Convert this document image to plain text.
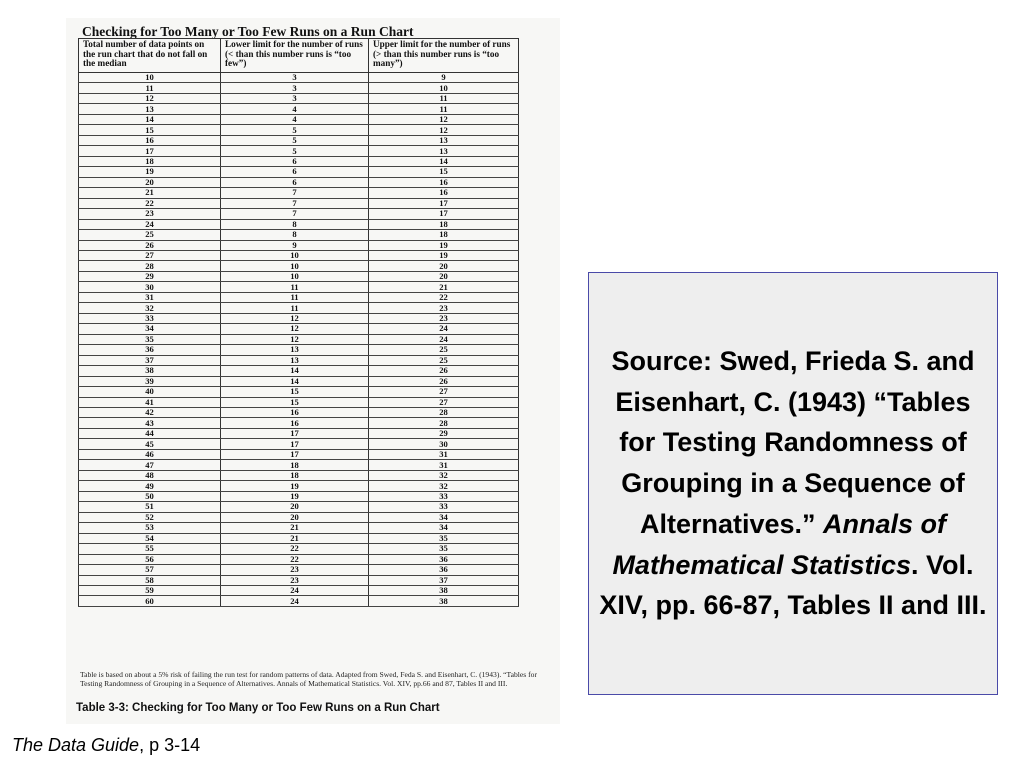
Checking for Too Many or Too Few Runs on a Run Chart
Total number of data points on the run chart that do not fall on the median	Lower limit for the number of runs (< than this number runs is “too few”)	Upper limit for the number of runs (> than this number runs is “too many”)
10	3	9
11	3	10
12	3	11
13	4	11
14	4	12
15	5	12
16	5	13
17	5	13
18	6	14
19	6	15
20	6	16
21	7	16
22	7	17
23	7	17
24	8	18
25	8	18
26	9	19
27	10	19
28	10	20
29	10	20
30	11	21
31	11	22
32	11	23
33	12	23
34	12	24
35	12	24
36	13	25
37	13	25
38	14	26
39	14	26
40	15	27
41	15	27
42	16	28
43	16	28
44	17	29
45	17	30
46	17	31
47	18	31
48	18	32
49	19	32
50	19	33
51	20	33
52	20	34
53	21	34
54	21	35
55	22	35
56	22	36
57	23	36
58	23	37
59	24	38
60	24	38
Table is based on about a 5% risk of failing the run test for random patterns of data. Adapted from Swed, Feda S. and Eisenhart, C. (1943). “Tables for Testing Randomness of Grouping in a Sequence of Alternatives. Annals of Mathematical Statistics. Vol. XIV, pp.66 and 87, Tables II and III.
Table 3-3: Checking for Too Many or Too Few Runs on a Run Chart

Source: Swed, Frieda S. and Eisenhart, C. (1943) “Tables for Testing Randomness of Grouping in a Sequence of Alternatives.” Annals of Mathematical Statistics. Vol. XIV, pp. 66-87, Tables II and III.

The Data Guide, p 3-14
